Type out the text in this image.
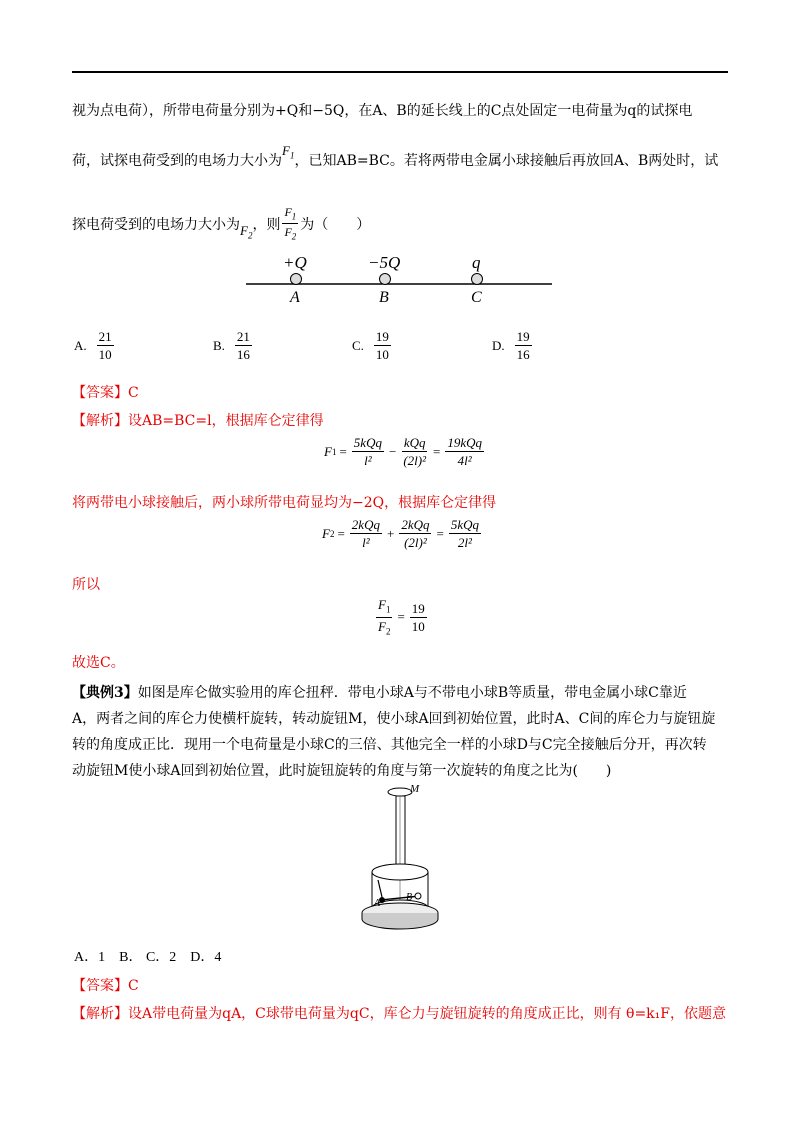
视为点电荷），所带电荷量分别为+Q和−5Q，在A、B的延长线上的C点处固定一电荷量为q的试探电
荷，试探电荷受到的电场力大小为$F_1$，已知AB=BC。若将两带电金属小球接触后再放回A、B两处时，试
探电荷受到的电场力大小为 $F_2$
，则 $\frac{F_1}{F_2}$ 为（　　）
+Q	−5Q	q
A	B	C
A. $\frac{21}{10}$	B. $\frac{21}{16}$	C. $\frac{19}{10}$	D. $\frac{19}{16}$
【答案】C
【解析】设AB=BC=l，根据库仑定律得
F $1 = \frac{\text{5kQq}}{\text{l²}} - \frac{\text{kQq}}{\text{(2l)²}} = \frac{\text{19kQq}}{\text{4l²}}$
将两带电小球接触后，两小球所带电荷显均为−2Q，根据库仑定律得
F $2 = \frac{\text{2kQq}}{\text{l²}} + \frac{\text{2kQq}}{\text{(2l)²}} = \frac{\text{5kQq}}{\text{2l²}}$
所以
$\frac{F_1}{F_2} = \frac{19}{10}$
故选C。
【典例3】如图是库仑做实验用的库仑扭秤．带电小球A与不带电小球B等质量，带电金属小球C靠近
A，两者之间的库仑力使横杆旋转，转动旋钮M，使小球A回到初始位置，此时A、C间的库仑力与旋钮旋
转的角度成正比．现用一个电荷量是小球C的三倍、其他完全一样的小球D与C完全接触后分开，再次转
动旋钮M使小球A回到初始位置，此时旋钮旋转的角度与第一次旋转的角度之比为(　　)
M
A
B
A．1　B． C．2　D．4
【答案】C
【解析】设A带电荷量为qA，C球带电荷量为qC，库仑力与旋钮旋转的角度成正比，则有 θ=k₁F，依题意
